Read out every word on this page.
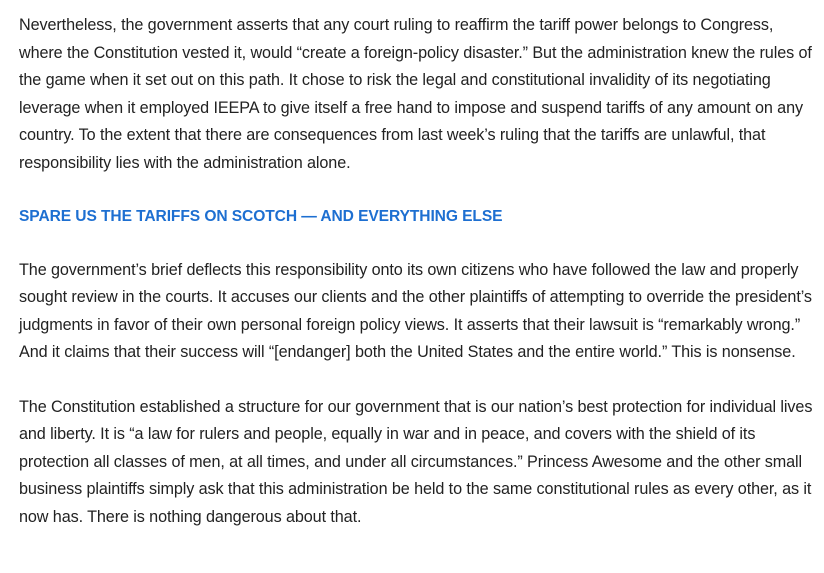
Nevertheless, the government asserts that any court ruling to reaffirm the tariff power belongs to Congress, where the Constitution vested it, would “create a foreign-policy disaster.” But the administration knew the rules of the game when it set out on this path. It chose to risk the legal and constitutional invalidity of its negotiating leverage when it employed IEEPA to give itself a free hand to impose and suspend tariffs of any amount on any country. To the extent that there are consequences from last week’s ruling that the tariffs are unlawful, that responsibility lies with the administration alone.

SPARE US THE TARIFFS ON SCOTCH — AND EVERYTHING ELSE

The government’s brief deflects this responsibility onto its own citizens who have followed the law and properly sought review in the courts. It accuses our clients and the other plaintiffs of attempting to override the president’s judgments in favor of their own personal foreign policy views. It asserts that their lawsuit is “remarkably wrong.” And it claims that their success will “[endanger] both the United States and the entire world.” This is nonsense.

The Constitution established a structure for our government that is our nation’s best protection for individual lives and liberty. It is “a law for rulers and people, equally in war and in peace, and covers with the shield of its protection all classes of men, at all times, and under all circumstances.” Princess Awesome and the other small business plaintiffs simply ask that this administration be held to the same constitutional rules as every other, as it now has. There is nothing dangerous about that.
